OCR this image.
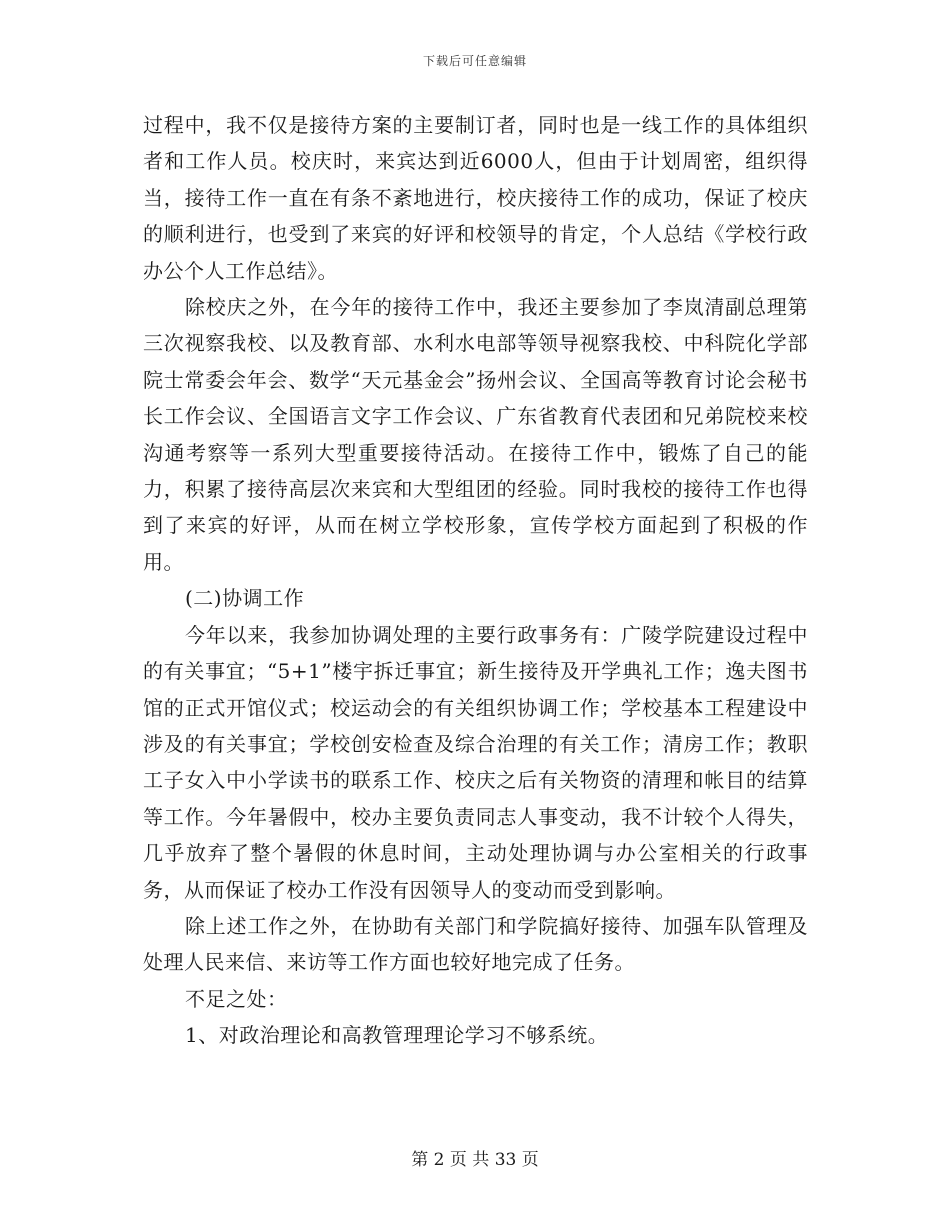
下载后可任意编辑

过程中，我不仅是接待方案的主要制订者，同时也是一线工作的具体组织者和工作人员。校庆时，来宾达到近6000人，但由于计划周密，组织得当，接待工作一直在有条不紊地进行，校庆接待工作的成功，保证了校庆的顺利进行，也受到了来宾的好评和校领导的肯定，个人总结《学校行政办公个人工作总结》。

除校庆之外，在今年的接待工作中，我还主要参加了李岚清副总理第三次视察我校、以及教育部、水利水电部等领导视察我校、中科院化学部院士常委会年会、数学“天元基金会”扬州会议、全国高等教育讨论会秘书长工作会议、全国语言文字工作会议、广东省教育代表团和兄弟院校来校沟通考察等一系列大型重要接待活动。在接待工作中，锻炼了自己的能力，积累了接待高层次来宾和大型组团的经验。同时我校的接待工作也得到了来宾的好评，从而在树立学校形象，宣传学校方面起到了积极的作用。

(二)协调工作

今年以来，我参加协调处理的主要行政事务有：广陵学院建设过程中的有关事宜；“5+1”楼宇拆迁事宜；新生接待及开学典礼工作；逸夫图书馆的正式开馆仪式；校运动会的有关组织协调工作；学校基本工程建设中涉及的有关事宜；学校创安检查及综合治理的有关工作；清房工作；教职工子女入中小学读书的联系工作、校庆之后有关物资的清理和帐目的结算等工作。今年暑假中，校办主要负责同志人事变动，我不计较个人得失，几乎放弃了整个暑假的休息时间，主动处理协调与办公室相关的行政事务，从而保证了校办工作没有因领导人的变动而受到影响。

除上述工作之外，在协助有关部门和学院搞好接待、加强车队管理及处理人民来信、来访等工作方面也较好地完成了任务。

不足之处：

1、对政治理论和高教管理理论学习不够系统。

第 2 页 共 33 页
